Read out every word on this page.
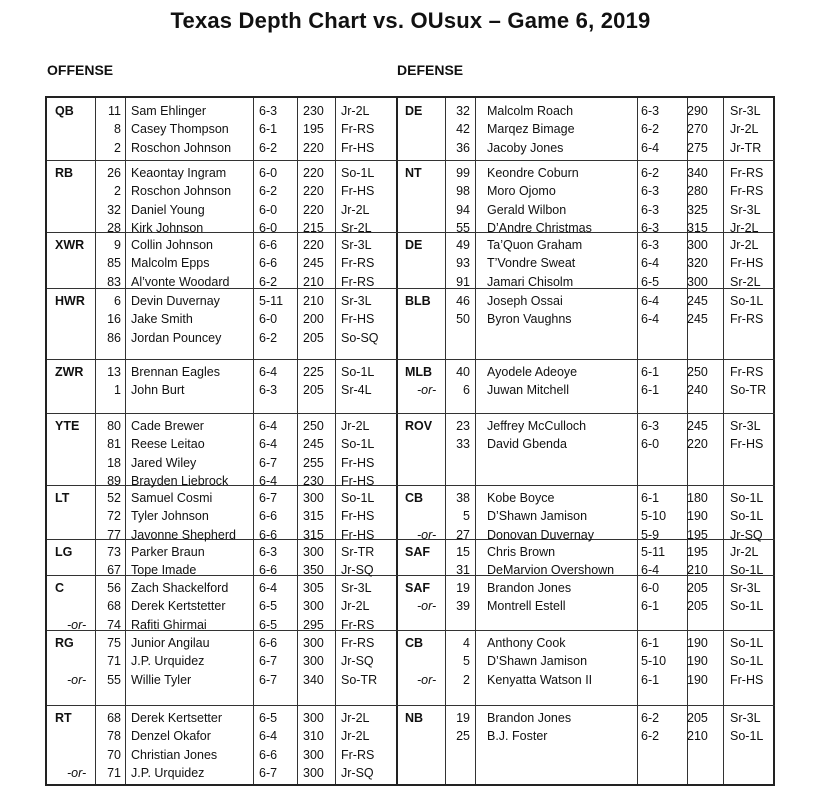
Texas Depth Chart vs. OUsux – Game 6, 2019
OFFENSE	DEFENSE
QB	11 Sam Ehlinger	6-3	230	Jr-2L
8 Casey Thompson	6-1	195	Fr-RS
2 Roschon Johnson	6-2	220	Fr-HS
RB	26 Keaontay Ingram	6-0	220	So-1L
2 Roschon Johnson	6-2	220	Fr-HS
32 Daniel Young	6-0	220	Jr-2L
28 Kirk Johnson	6-0	215	Sr-2L
XWR	9 Collin Johnson	6-6	220	Sr-3L
85 Malcolm Epps	6-6	245	Fr-RS
83 Al’vonte Woodard	6-2	210	Fr-RS
HWR	6 Devin Duvernay	5-11	210	Sr-3L
16 Jake Smith	6-0	200	Fr-HS
86 Jordan Pouncey	6-2	205	So-SQ
ZWR	13 Brennan Eagles	6-4	225	So-1L
1 John Burt	6-3	205	Sr-4L
YTE	80 Cade Brewer	6-4	250	Jr-2L
81 Reese Leitao	6-4	245	So-1L
18 Jared Wiley	6-7	255	Fr-HS
89 Brayden Liebrock	6-4	230	Fr-HS
LT	52 Samuel Cosmi	6-7	300	So-1L
72 Tyler Johnson	6-6	315	Fr-HS
77 Javonne Shepherd	6-6	315	Fr-HS
LG	73 Parker Braun	6-3	300	Sr-TR
67 Tope Imade	6-6	350	Jr-SQ
C	56 Zach Shackelford	6-4	305	Sr-3L
68 Derek Kertstetter	6-5	300	Jr-2L
74 Rafiti Ghirmai	6-5	295	Fr-RS
-or-
RG	75 Junior Angilau	6-6	300	Fr-RS
71 J.P. Urquidez	6-7	300	Jr-SQ
55 Willie Tyler	6-7	340	So-TR
-or-
RT	68 Derek Kertsetter	6-5	300	Jr-2L
78 Denzel Okafor	6-4	310	Jr-2L
70 Christian Jones	6-6	300	Fr-RS
71 J.P. Urquidez	6-7	300	Jr-SQ
-or-
DE	32 Malcolm Roach	6-3	290	Sr-3L
42 Marqez Bimage	6-2	270	Jr-2L
36 Jacoby Jones	6-4	275	Jr-TR
NT	99 Keondre Coburn	6-2	340	Fr-RS
98 Moro Ojomo	6-3	280	Fr-RS
94 Gerald Wilbon	6-3	325	Sr-3L
55 D’Andre Christmas	6-3	315	Jr-2L
DE	49 Ta’Quon Graham	6-3	300	Jr-2L
93 T’Vondre Sweat	6-4	320	Fr-HS
91 Jamari Chisolm	6-5	300	Sr-2L
BLB	46 Joseph Ossai	6-4	245	So-1L
50 Byron Vaughns	6-4	245	Fr-RS
MLB	40 Ayodele Adeoye	6-1	250	Fr-RS
6 Juwan Mitchell	6-1	240	So-TR
-or-
ROV	23 Jeffrey McCulloch	6-3	245	Sr-3L
33 David Gbenda	6-0	220	Fr-HS
CB	38 Kobe Boyce	6-1	180	So-1L
5 D’Shawn Jamison	5-10	190	So-1L
27 Donovan Duvernay	5-9	195	Jr-SQ
-or-
SAF	15 Chris Brown	5-11	195	Jr-2L
31 DeMarvion Overshown	6-4	210	So-1L
SAF	19 Brandon Jones	6-0	205	Sr-3L
39 Montrell Estell	6-1	205	So-1L
-or-
CB	4 Anthony Cook	6-1	190	So-1L
5 D’Shawn Jamison	5-10	190	So-1L
2 Kenyatta Watson II	6-1	190	Fr-HS
-or-
NB	19 Brandon Jones	6-2	205	Sr-3L
25 B.J. Foster	6-2	210	So-1L
